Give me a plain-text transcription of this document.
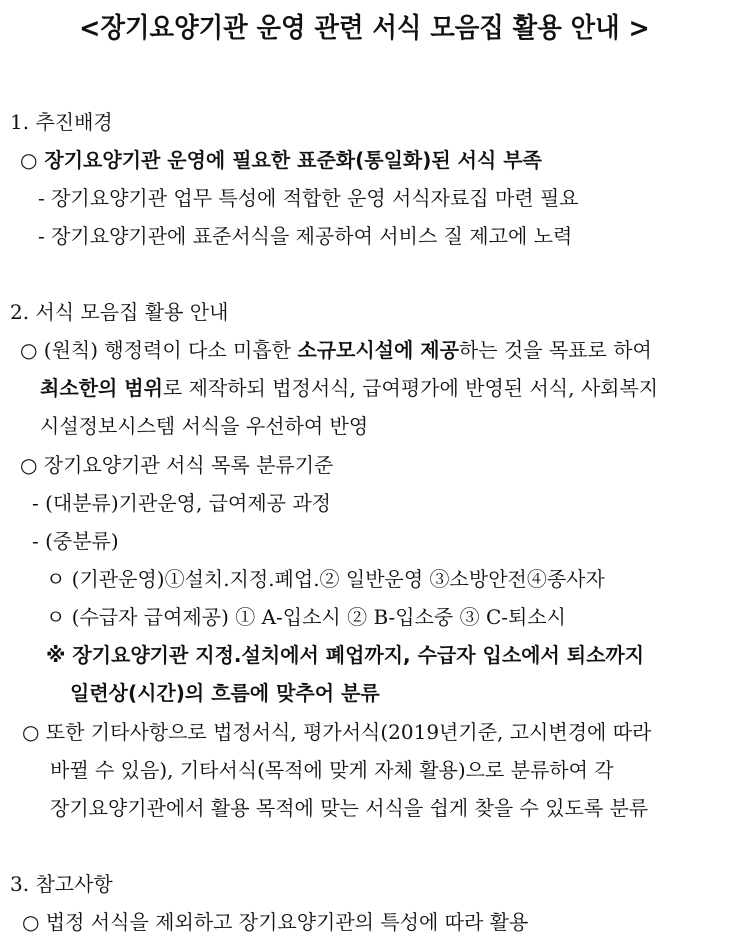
<장기요양기관 운영 관련 서식 모음집 활용 안내 >
1. 추진배경
○ 장기요양기관 운영에 필요한 표준화(통일화)된 서식 부족
- 장기요양기관 업무 특성에 적합한 운영 서식자료집 마련 필요
- 장기요양기관에 표준서식을 제공하여 서비스 질 제고에 노력
2. 서식 모음집 활용 안내
○ (원칙) 행정력이 다소 미흡한 소규모시설에 제공하는 것을 목표로 하여
최소한의 범위로 제작하되 법정서식, 급여평가에 반영된 서식, 사회복지
시설정보시스템 서식을 우선하여 반영
○ 장기요양기관 서식 목록 분류기준
- (대분류)기관운영, 급여제공 과정
- (중분류)
ㅇ (기관운영)①설치.지정.폐업.② 일반운영 ③소방안전④종사자
ㅇ (수급자 급여제공) ① A-입소시 ② B-입소중 ③ C-퇴소시
※ 장기요양기관 지정.설치에서 폐업까지, 수급자 입소에서 퇴소까지
일련상(시간)의 흐름에 맞추어 분류
○ 또한 기타사항으로 법정서식, 평가서식(2019년기준, 고시변경에 따라
바뀔 수 있음), 기타서식(목적에 맞게 자체 활용)으로 분류하여 각
장기요양기관에서 활용 목적에 맞는 서식을 쉽게 찾을 수 있도록 분류
3. 참고사항
○ 법정 서식을 제외하고 장기요양기관의 특성에 따라 활용
